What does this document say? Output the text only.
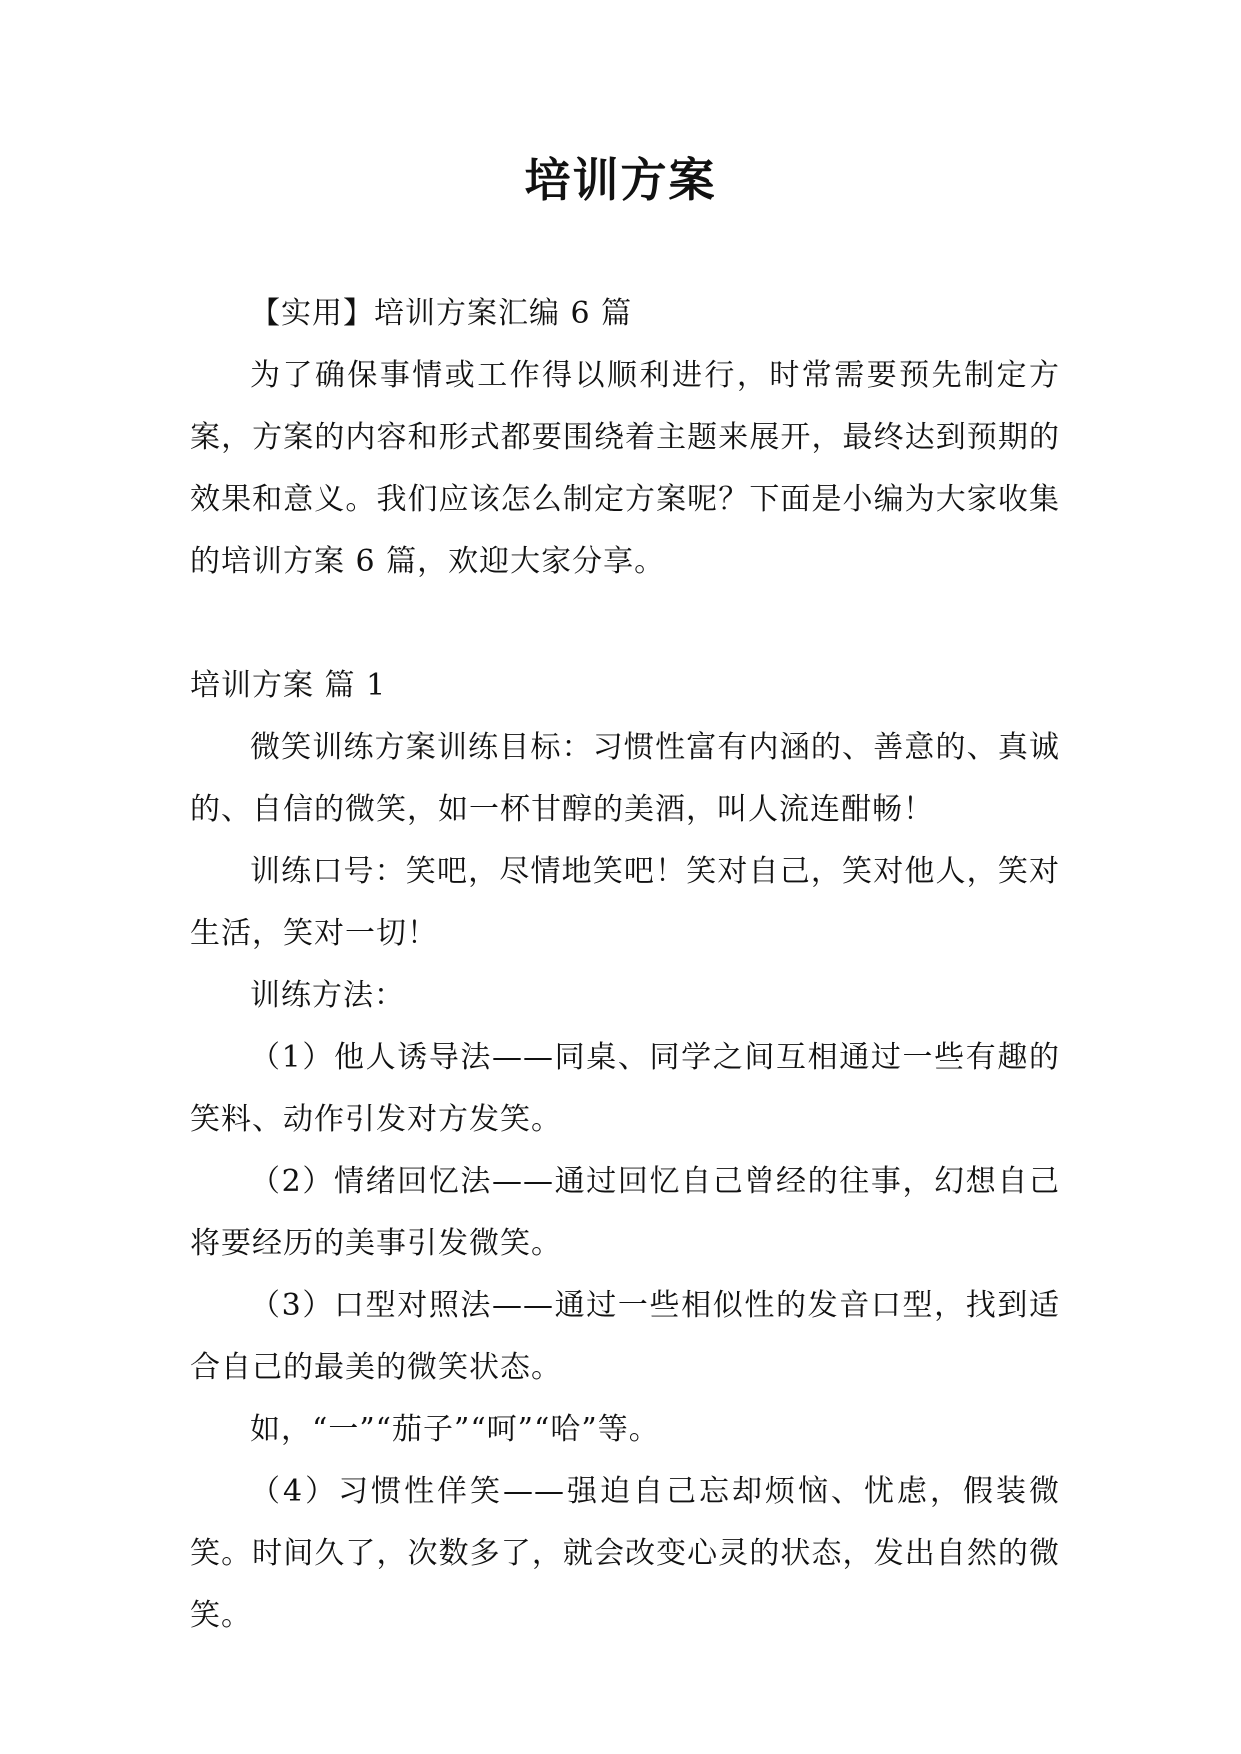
培训方案

【实用】培训方案汇编 6 篇

为了确保事情或工作得以顺利进行，时常需要预先制定方案，方案的内容和形式都要围绕着主题来展开，最终达到预期的效果和意义。我们应该怎么制定方案呢？下面是小编为大家收集的培训方案 6 篇，欢迎大家分享。

培训方案 篇 1

微笑训练方案训练目标：习惯性富有内涵的、善意的、真诚的、自信的微笑，如一杯甘醇的美酒，叫人流连酣畅！

训练口号：笑吧，尽情地笑吧！笑对自己，笑对他人，笑对生活，笑对一切！

训练方法：

（1）他人诱导法——同桌、同学之间互相通过一些有趣的笑料、动作引发对方发笑。

（2）情绪回忆法——通过回忆自己曾经的往事，幻想自己将要经历的美事引发微笑。

（3）口型对照法——通过一些相似性的发音口型，找到适合自己的最美的微笑状态。

如，“一”“茄子”“呵”“哈”等。

（4）习惯性佯笑——强迫自己忘却烦恼、忧虑，假装微笑。时间久了，次数多了，就会改变心灵的状态，发出自然的微笑。
